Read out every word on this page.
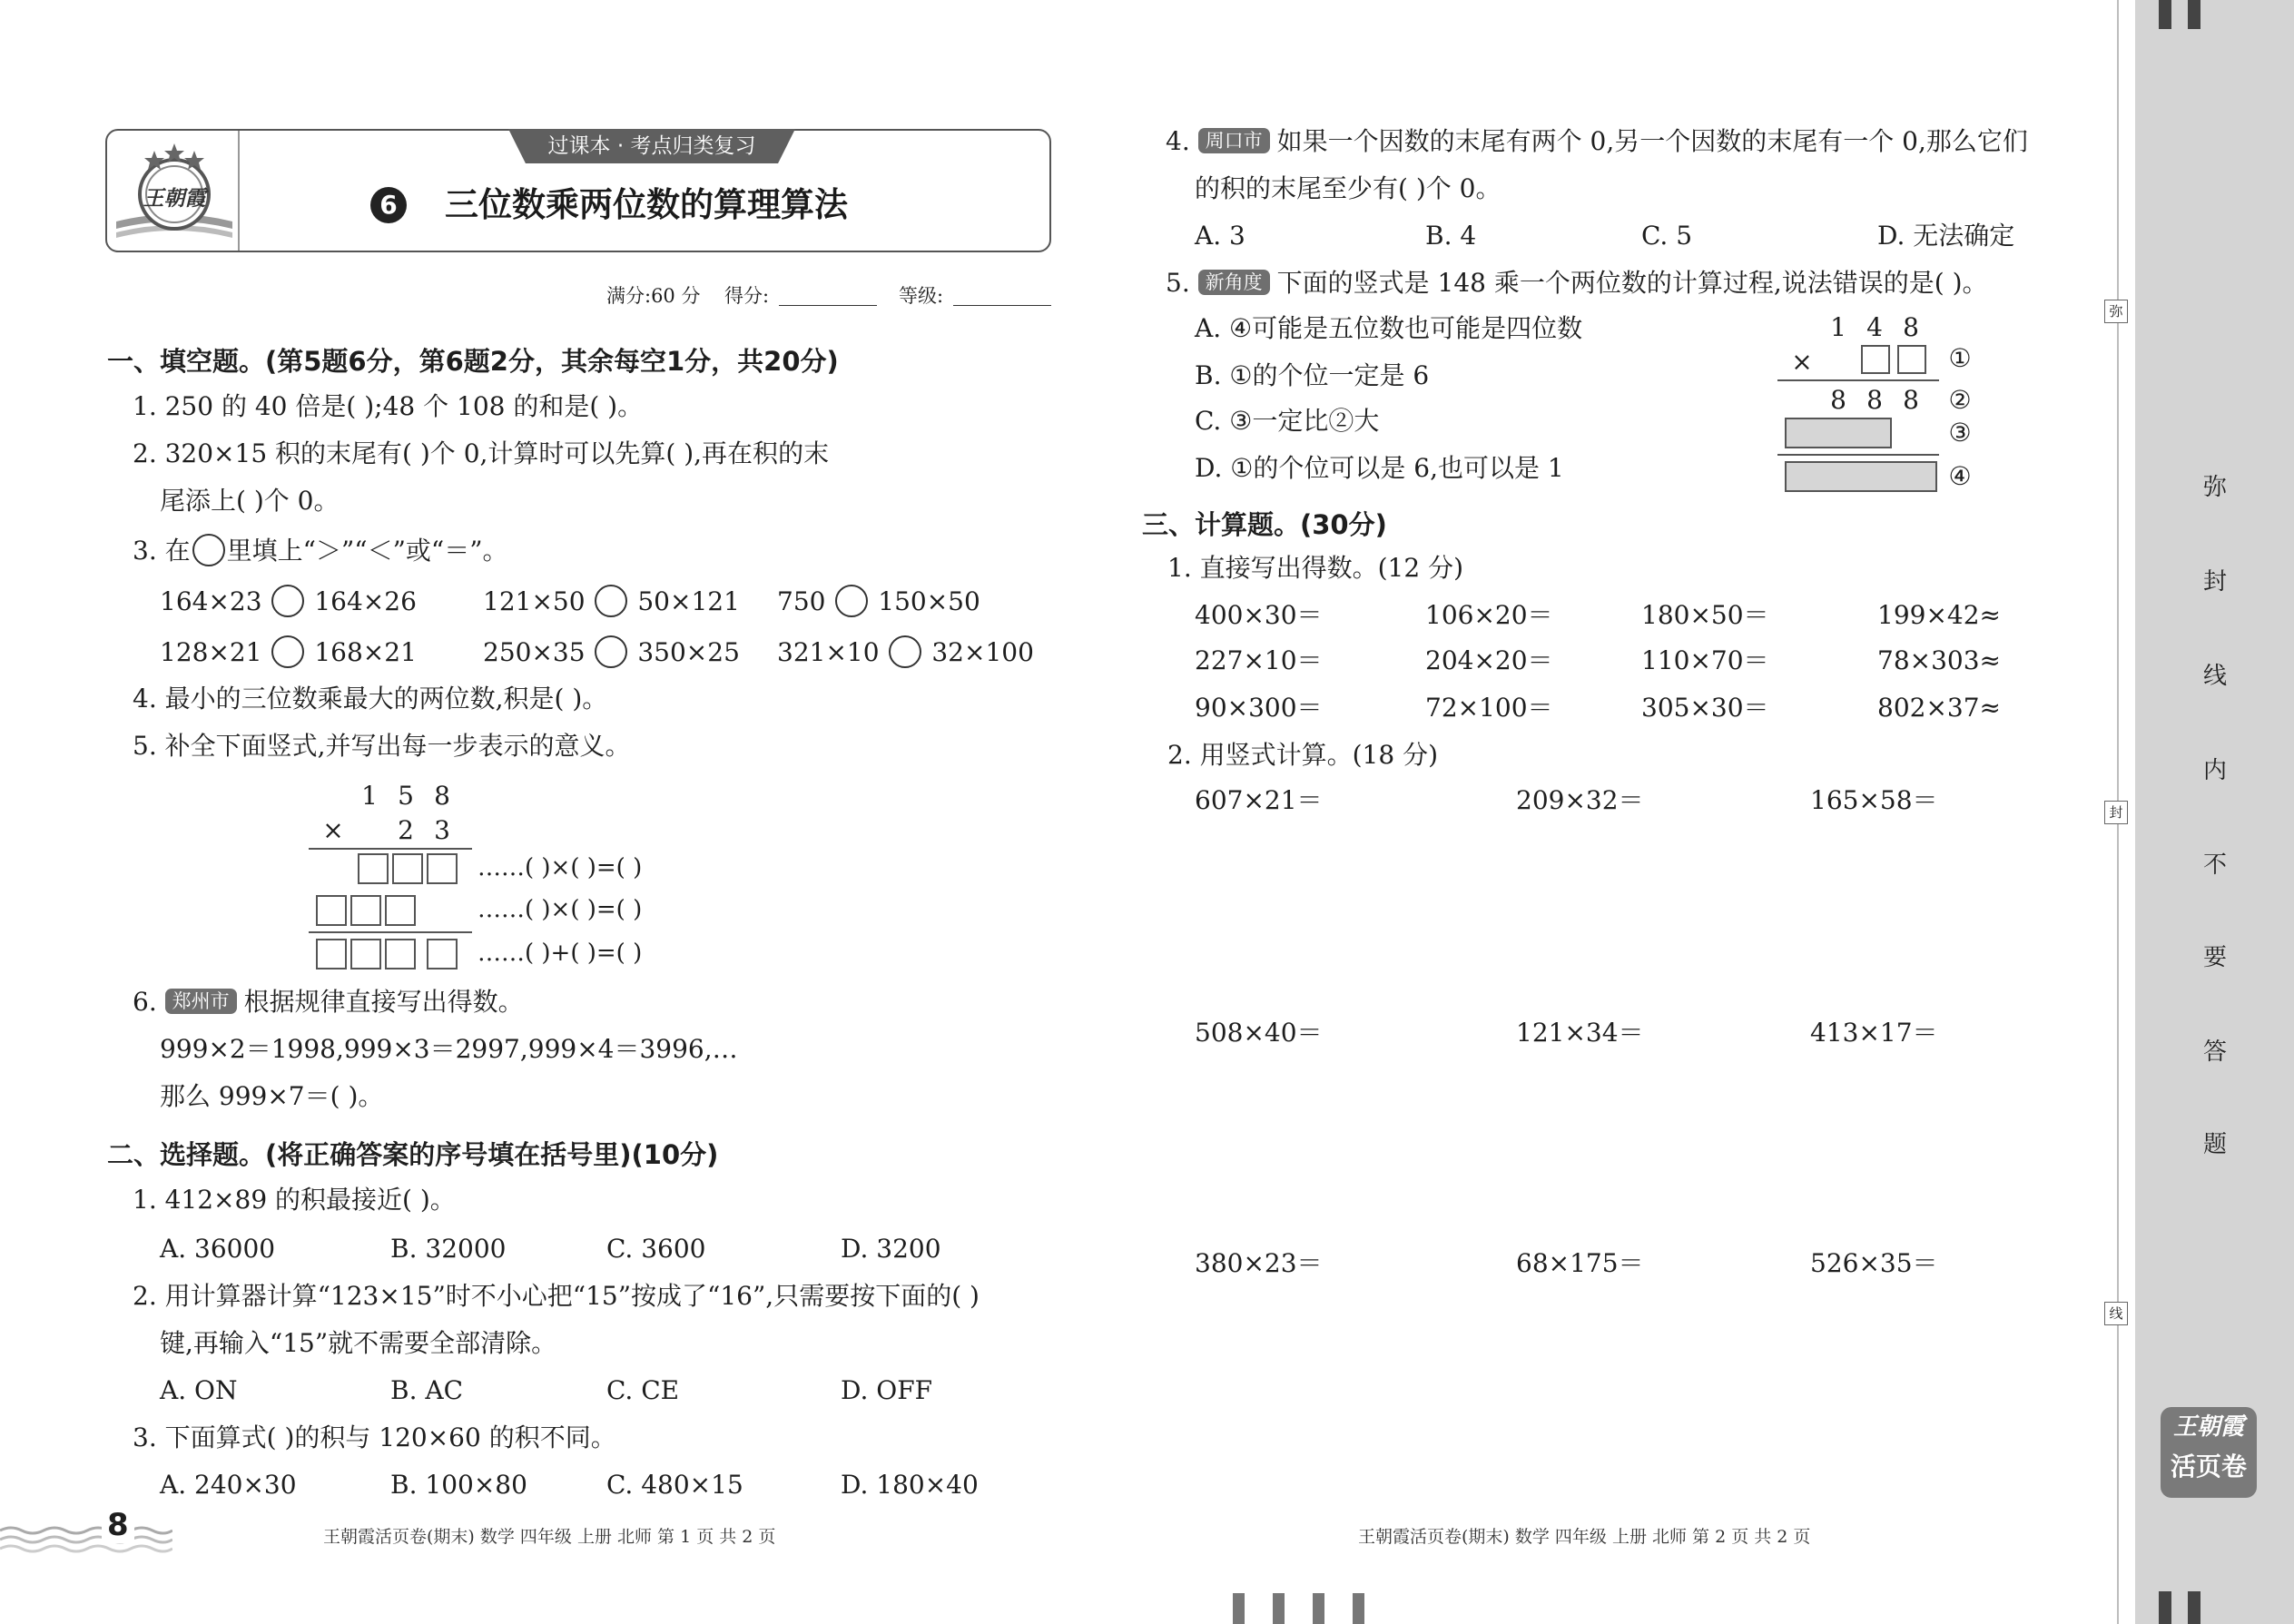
弥
封
线
内
不
要
答
题
弥
封
线
王朝霞
活页卷
王朝霞
过课本 · 考点归类复习
6 三位数乘两位数的算理算法
满分:60 分 得分:	等级:
一、填空题。(第5题6分，第6题2分，其余每空1分，共20分)
1. 250 的 40 倍是( );48 个 108 的和是( )。
2. 320×15 积的末尾有( )个 0,计算时可以先算( ),再在积的末
尾添上( )个 0。
3. 在 里填上“＞”“＜”或“＝”。
164×23 164×26	121×50 50×121 750 150×50
128×21 168×21	250×35 350×25 321×10 32×100
4. 最小的三位数乘最大的两位数,积是( )。
5. 补全下面竖式,并写出每一步表示的意义。
1 5 8
× 2 3
……( )×( )=( )
……( )×( )=( )
……( )+( )=( )
6. 郑州市 根据规律直接写出得数。
999×2＝1998,999×3＝2997,999×4＝3996,…
那么 999×7＝( )。
二、选择题。(将正确答案的序号填在括号里)(10分)
1. 412×89 的积最接近( )。
A. 36000	B. 32000	C. 3600	D. 3200
2. 用计算器计算“123×15”时不小心把“15”按成了“16”,只需要按下面的( )
键,再输入“15”就不需要全部清除。
A. ON	B. AC	C. CE	D. OFF
3. 下面算式( )的积与 120×60 的积不同。
A. 240×30	B. 100×80	C. 480×15	D. 180×40
8	王朝霞活页卷(期末) 数学 四年级 上册 北师 第 1 页 共 2 页
4. 周口市 如果一个因数的末尾有两个 0,另一个因数的末尾有一个 0,那么它们
的积的末尾至少有( )个 0。
A. 3	B. 4	C. 5	D. 无法确定
5. 新角度 下面的竖式是 148 乘一个两位数的计算过程,说法错误的是( )。
A. ④可能是五位数也可能是四位数
B. ①的个位一定是 6
C. ③一定比②大
D. ①的个位可以是 6,也可以是 1
1 4 8
×	①
8 8 8 ②
③
④
三、计算题。(30分)
1. 直接写出得数。(12 分)
400×30＝	106×20＝	180×50＝	199×42≈
227×10＝	204×20＝	110×70＝	78×303≈
90×300＝	72×100＝	305×30＝	802×37≈
2. 用竖式计算。(18 分)
607×21＝	209×32＝	165×58＝
508×40＝	121×34＝	413×17＝
380×23＝	68×175＝	526×35＝
王朝霞活页卷(期末) 数学 四年级 上册 北师 第 2 页 共 2 页
